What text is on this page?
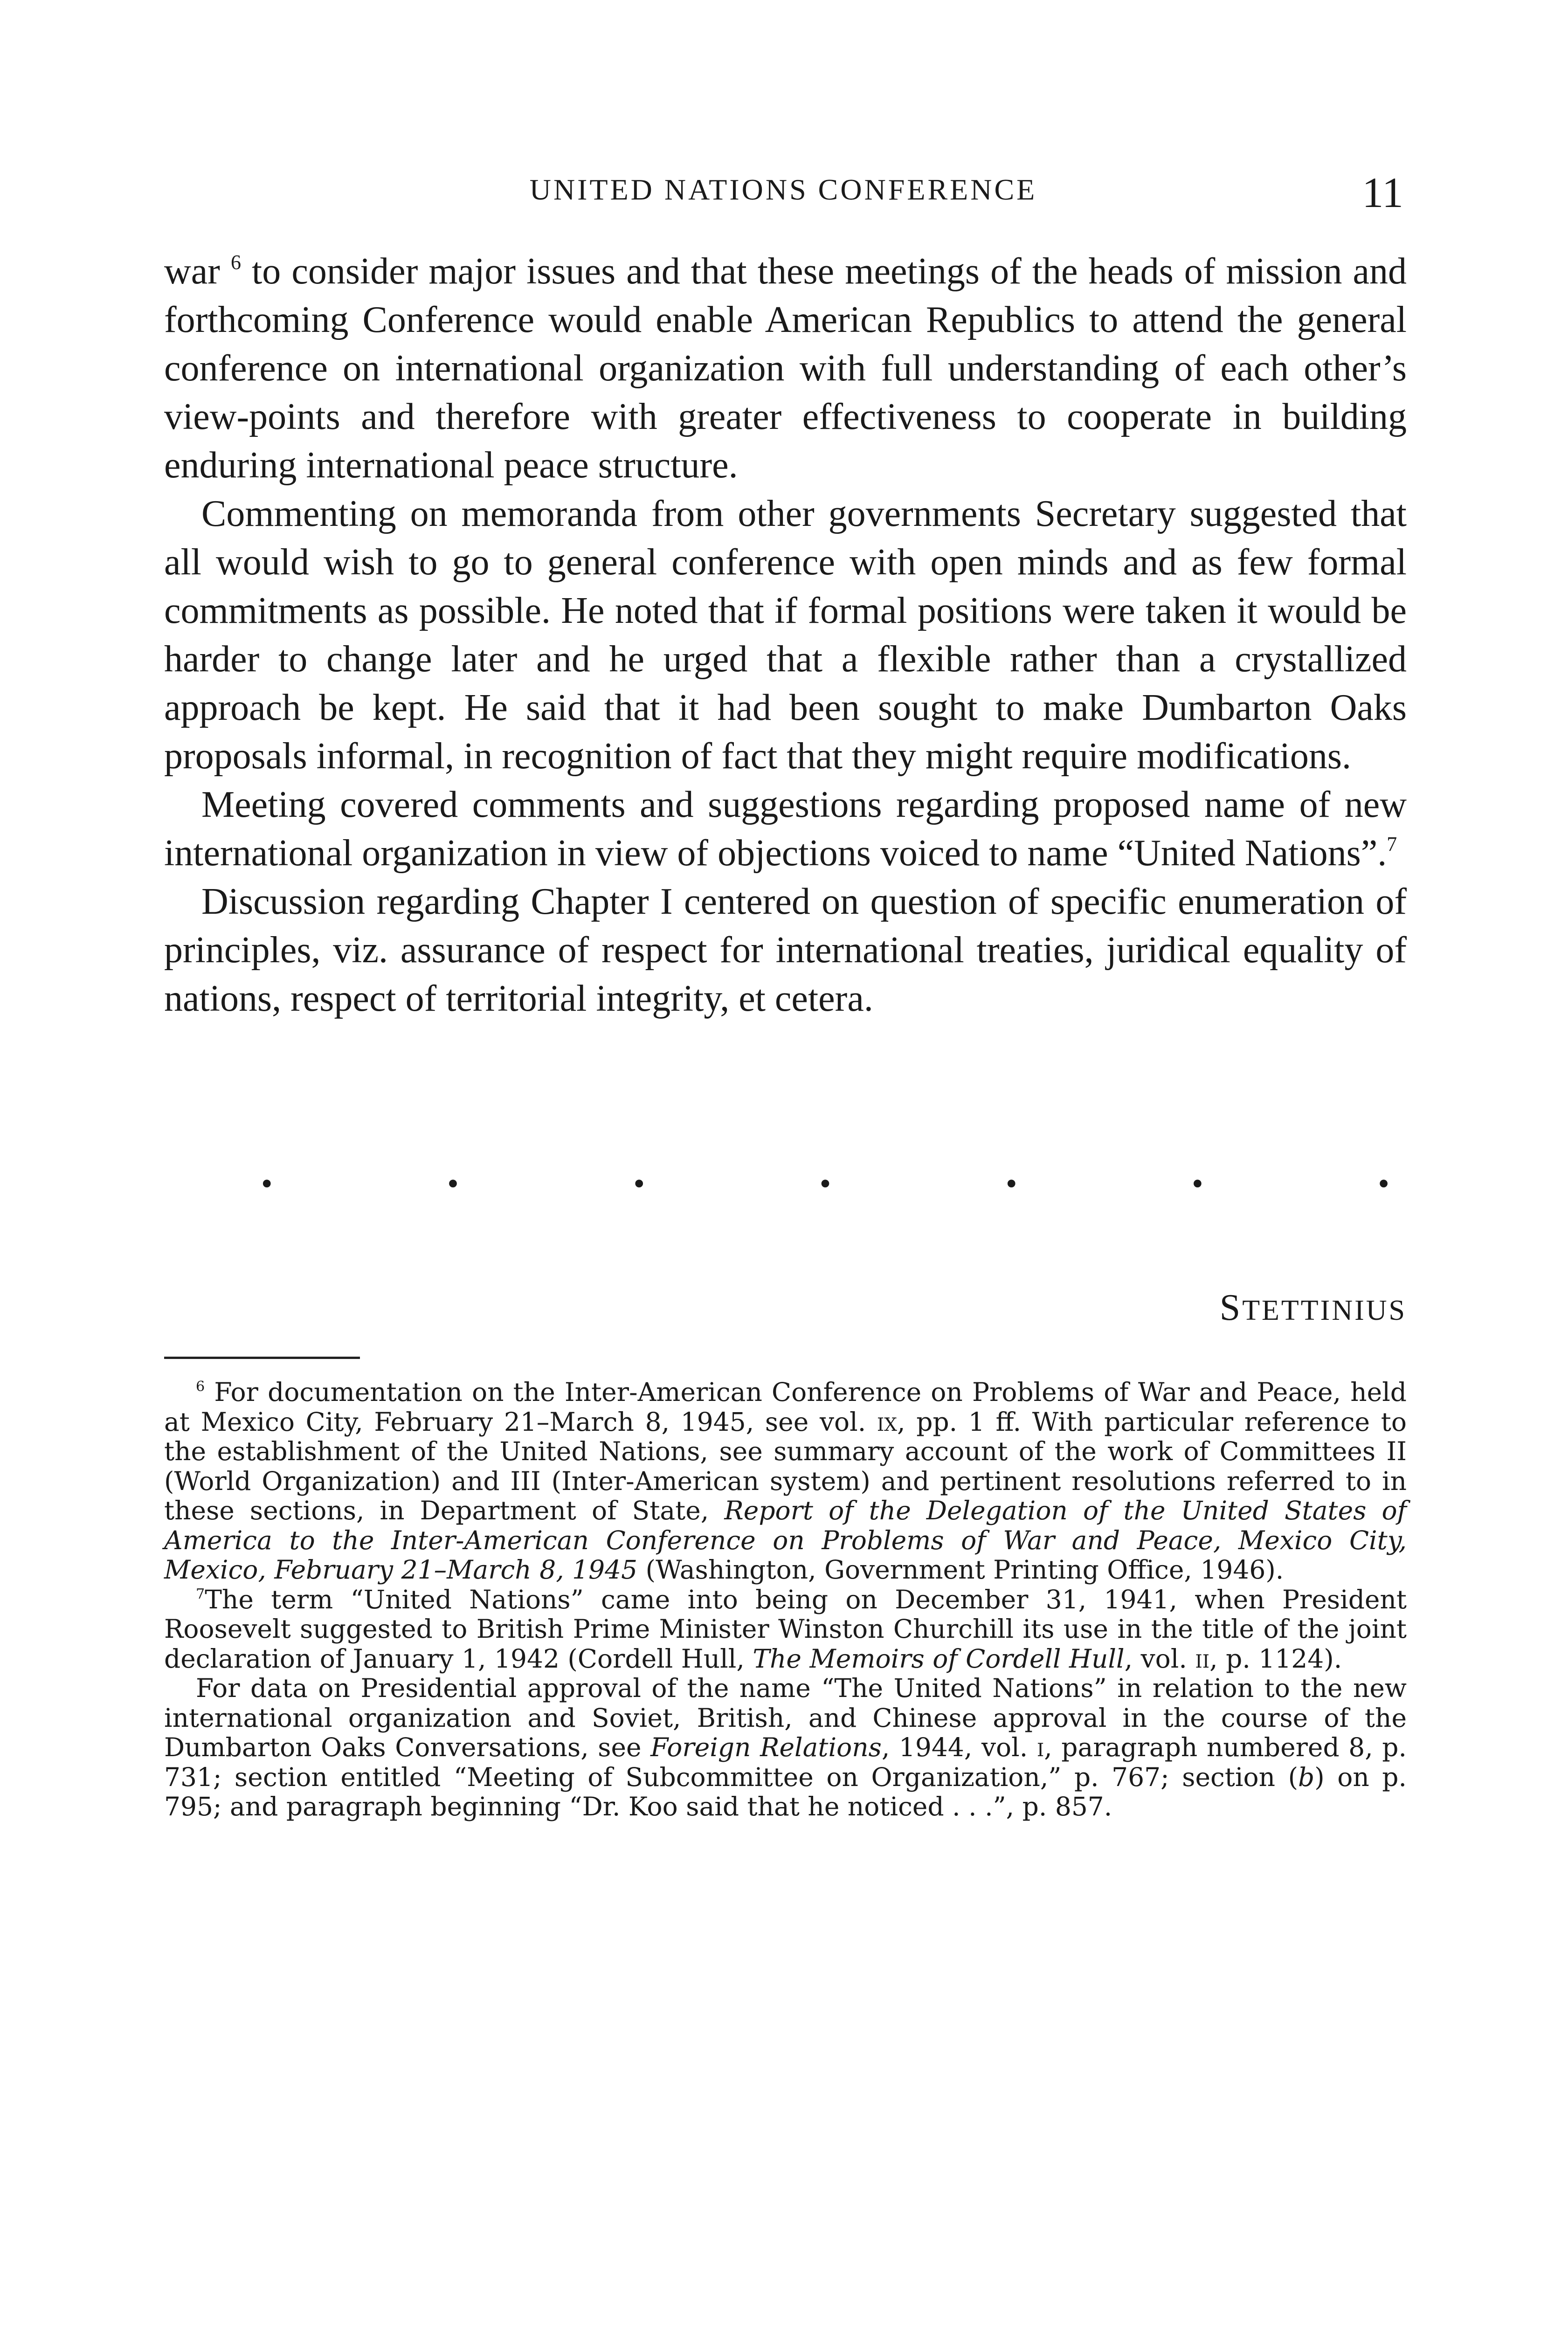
UNITED NATIONS CONFERENCE	11

war $^6$ to consider major issues and that these meetings of the heads of mission and forthcoming Conference would enable American Republics to attend the general conference on international organization with full understanding of each other’s view-points and therefore with greater effectiveness to cooperate in building enduring international peace structure.

Commenting on memoranda from other governments Secretary suggested that all would wish to go to general conference with open minds and as few formal commitments as possible. He noted that if formal positions were taken it would be harder to change later and he urged that a flexible rather than a crystallized approach be kept. He said that it had been sought to make Dumbarton Oaks proposals informal, in recognition of fact that they might require modifications.

Meeting covered comments and suggestions regarding proposed name of new international organization in view of objections voiced to name “United Nations”.$^7$

Discussion regarding Chapter I centered on question of specific enumeration of principles, viz. assurance of respect for international treaties, juridical equality of nations, respect of territorial integrity, et cetera.

•	•	•	•	•	•	•
STETTINIUS

$^6$ For documentation on the Inter-American Conference on Problems of War and Peace, held at Mexico City, February 21–March 8, 1945, see vol. ix, pp. 1 ff. With particular reference to the establishment of the United Nations, see summary account of the work of Committees II (World Organization) and III (Inter-American system) and pertinent resolutions referred to in these sections, in Department of State, Report of the Delegation of the United States of America to the Inter-American Conference on Problems of War and Peace, Mexico City, Mexico, February 21–March 8, 1945 (Washington, Government Printing Office, 1946).

$^7$The term “United Nations” came into being on December 31, 1941, when President Roosevelt suggested to British Prime Minister Winston Churchill its use in the title of the joint declaration of January 1, 1942 (Cordell Hull, The Memoirs of Cordell Hull, vol. ii, p. 1124).

For data on Presidential approval of the name “The United Nations” in relation to the new international organization and Soviet, British, and Chinese approval in the course of the Dumbarton Oaks Conversations, see Foreign Relations, 1944, vol. i, paragraph numbered 8, p. 731; section entitled “Meeting of Subcommittee on Organization,” p. 767; section (b) on p. 795; and paragraph beginning “Dr. Koo said that he noticed . . .”, p. 857.
